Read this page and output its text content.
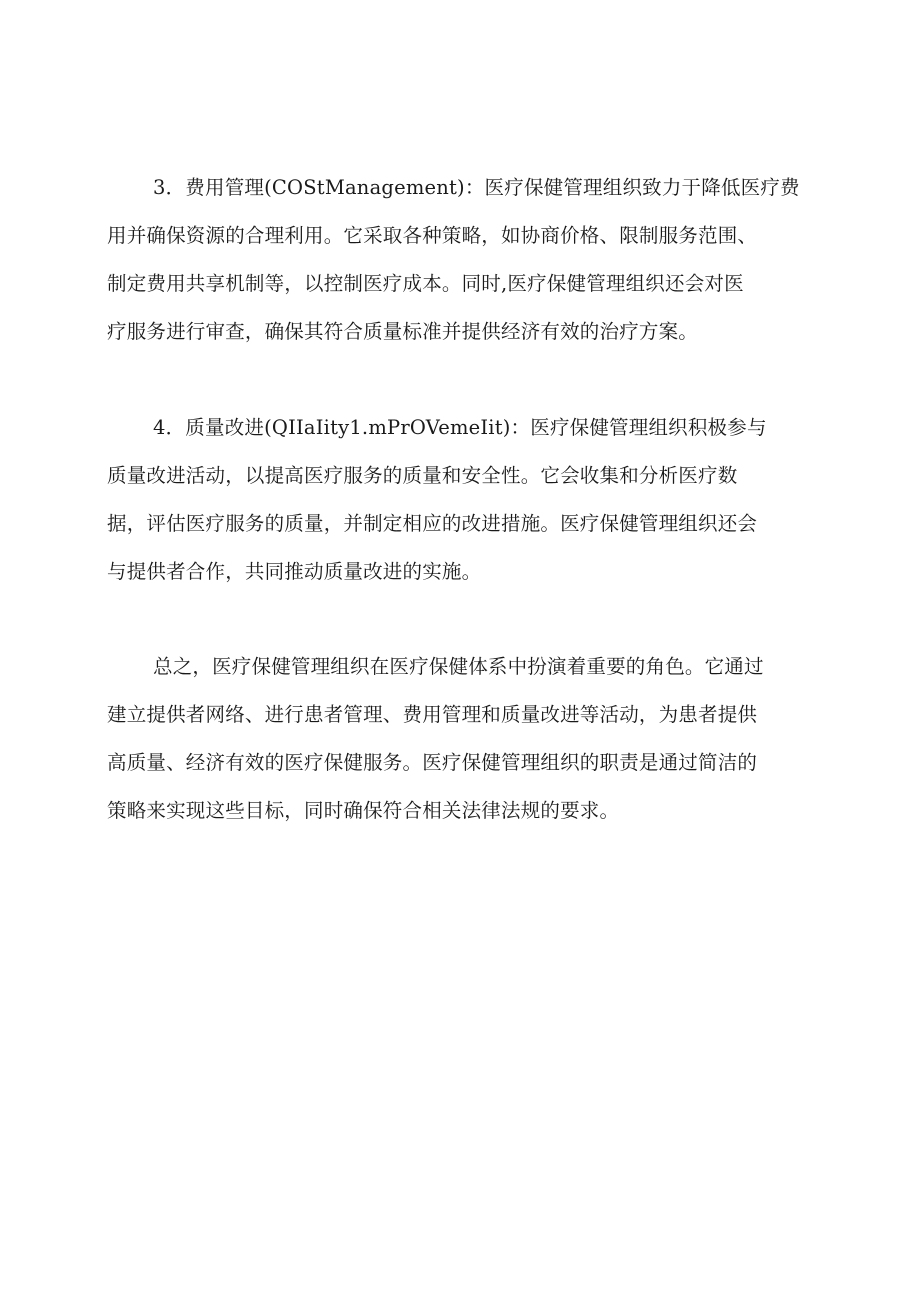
3．费用管理(COStManagement)：医疗保健管理组织致力于降低医疗费
用并确保资源的合理利用。它采取各种策略，如协商价格、限制服务范围、
制定费用共享机制等，以控制医疗成本。同时,医疗保健管理组织还会对医
疗服务进行审查，确保其符合质量标准并提供经济有效的治疗方案。
4．质量改进(QIIaIity1.mPrOVemeIit)：医疗保健管理组织积极参与
质量改进活动，以提高医疗服务的质量和安全性。它会收集和分析医疗数
据，评估医疗服务的质量，并制定相应的改进措施。医疗保健管理组织还会
与提供者合作，共同推动质量改进的实施。
总之，医疗保健管理组织在医疗保健体系中扮演着重要的角色。它通过
建立提供者网络、进行患者管理、费用管理和质量改进等活动，为患者提供
高质量、经济有效的医疗保健服务。医疗保健管理组织的职责是通过简洁的
策略来实现这些目标，同时确保符合相关法律法规的要求。
